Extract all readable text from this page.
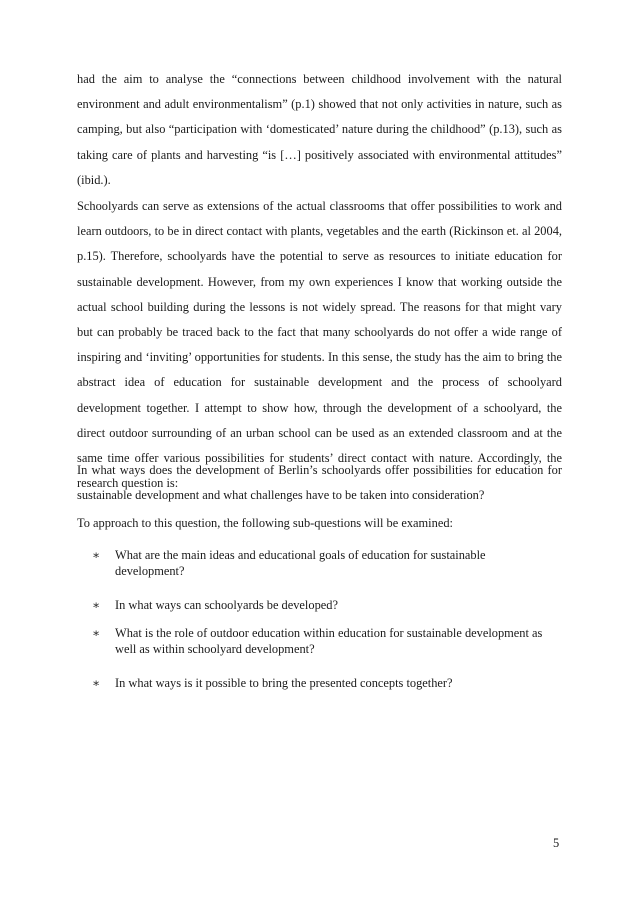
had the aim to analyse the “connections between childhood involvement with the natural environment and adult environmentalism” (p.1) showed that not only activities in nature, such as camping, but also “participation with ‘domesticated’ nature during the childhood” (p.13), such as taking care of plants and harvesting “is […] positively associated with environmental attitudes” (ibid.).

Schoolyards can serve as extensions of the actual classrooms that offer possibilities to work and learn outdoors, to be in direct contact with plants, vegetables and the earth (Rickinson et. al 2004, p.15). Therefore, schoolyards have the potential to serve as resources to initiate education for sustainable development. However, from my own experiences I know that working outside the actual school building during the lessons is not widely spread. The reasons for that might vary but can probably be traced back to the fact that many schoolyards do not offer a wide range of inspiring and ‘inviting’ opportunities for students. In this sense, the study has the aim to bring the abstract idea of education for sustainable development and the process of schoolyard development together. I attempt to show how, through the development of a schoolyard, the direct outdoor surrounding of an urban school can be used as an extended classroom and at the same time offer various possibilities for students’ direct contact with nature. Accordingly, the research question is:

In what ways does the development of Berlin’s schoolyards offer possibilities for education for sustainable development and what challenges have to be taken into consideration?

To approach to this question, the following sub-questions will be examined:

∗ What are the main ideas and educational goals of education for sustainable development?
∗ In what ways can schoolyards be developed?
∗ What is the role of outdoor education within education for sustainable development as well as within schoolyard development?
∗ In what ways is it possible to bring the presented concepts together?
5
